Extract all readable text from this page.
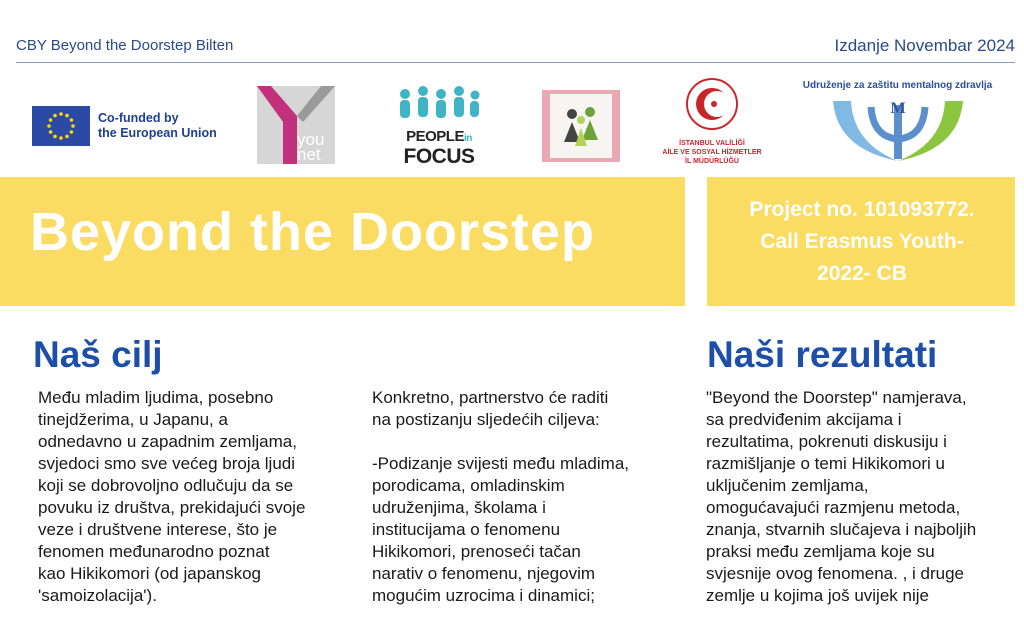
CBY Beyond the Doorstep Bilten	Izdanje Novembar 2024
Co-funded by
the European Union	you net
PEOPLEin
FOCUS
İSTANBUL VALİLİĞİ
AİLE VE SOSYAL HİZMETLER
İL MÜDÜRLÜĞÜ
Udruženje za zaštitu mentalnog zdravlja
M
Beyond the Doorstep	Project no. 101093772.
Call Erasmus Youth-
2022- CB
Naš cilj
Među mladim ljudima, posebno
tinejdžerima, u Japanu, a
odnedavno u zapadnim zemljama,
svjedoci smo sve većeg broja ljudi
koji se dobrovoljno odlučuju da se
povuku iz društva, prekidajući svoje
veze i društvene interese, što je
fenomen međunarodno poznat
kao Hikikomori (od japanskog
'samoizolacija').
Konkretno, partnerstvo će raditi
na postizanju sljedećih ciljeva:

-Podizanje svijesti među mladima,
porodicama, omladinskim
udruženjima, školama i
institucijama o fenomenu
Hikikomori, prenoseći tačan
narativ o fenomenu, njegovim
mogućim uzrocima i dinamici;
Naši rezultati
"Beyond the Doorstep" namjerava,
sa predviđenim akcijama i
rezultatima, pokrenuti diskusiju i
razmišljanje o temi Hikikomori u
uključenim zemljama,
omogućavajući razmjenu metoda,
znanja, stvarnih slučajeva i najboljih
praksi među zemljama koje su
svjesnije ovog fenomena. , i druge
zemlje u kojima još uvijek nije
